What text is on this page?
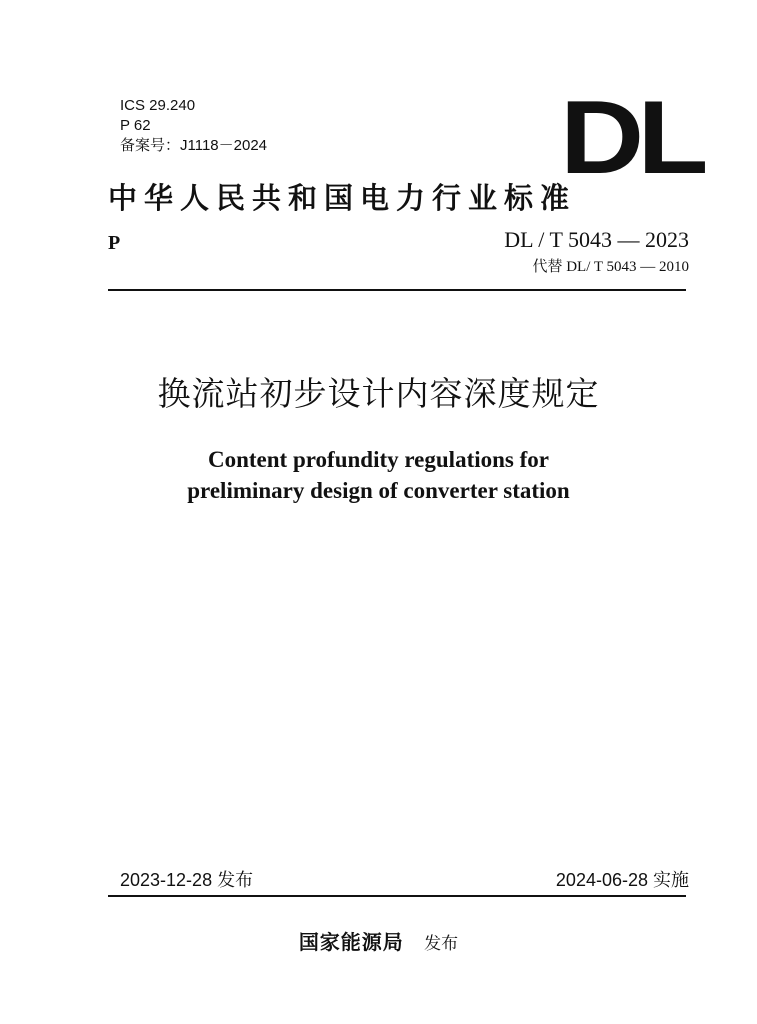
ICS 29.240
P 62
备案号：J1118－2024	DL
中华人民共和国电力行业标准
P	DL / T 5043 — 2023
代替 DL/ T 5043 — 2010
换流站初步设计内容深度规定
Content profundity regulations for
preliminary design of converter station
2023-12-28 发布	2024-06-28 实施
国家能源局 发布
